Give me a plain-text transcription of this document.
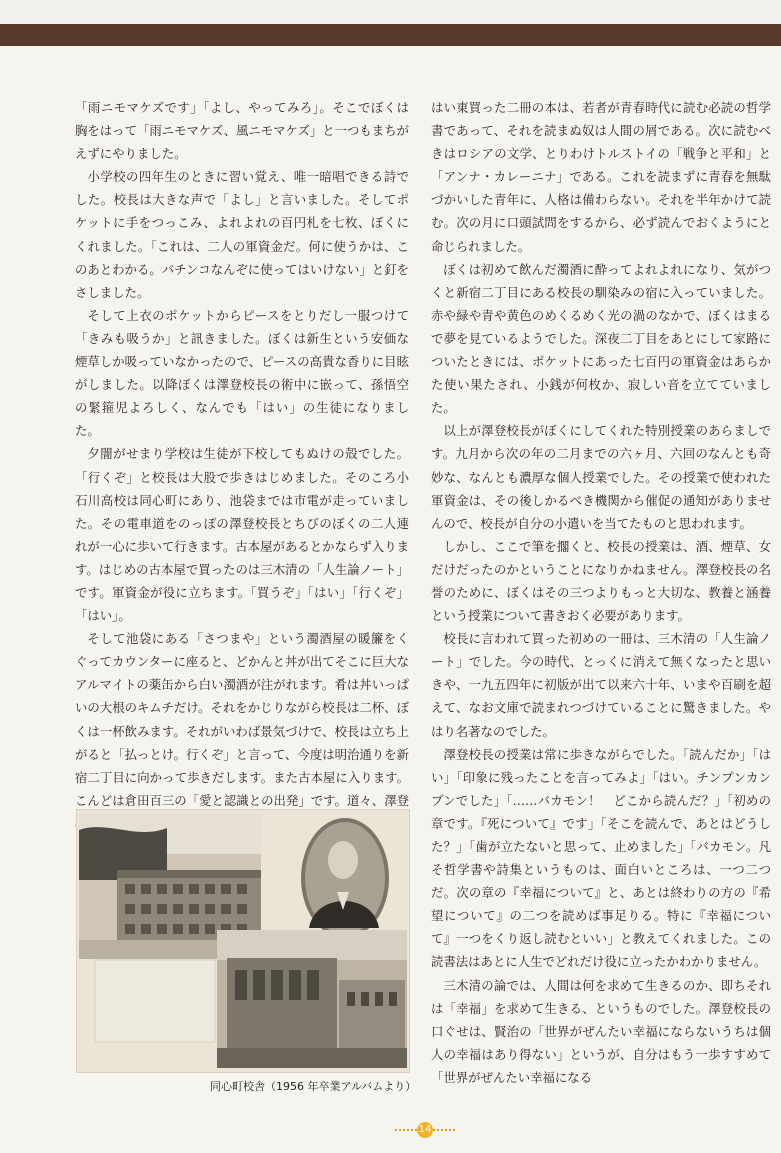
「雨ニモマケズです」「よし、やってみろ」。そこでぼくは胸をはって「雨ニモマケズ、風ニモマケズ」と一つもまちがえずにやりました。

小学校の四年生のときに習い覚え、唯一暗唱できる詩でした。校長は大きな声で「よし」と言いました。そしてポケットに手をつっこみ、よれよれの百円札を七枚、ぼくにくれました。「これは、二人の軍資金だ。何に使うかは、このあとわかる。パチンコなんぞに使ってはいけない」と釘をさしました。

そして上衣のポケットからピースをとりだし一服つけて「きみも吸うか」と訊きました。ぼくは新生という安価な煙草しか吸っていなかったので、ピースの高貴な香りに目眩がしました。以降ぼくは澤登校長の術中に嵌って、孫悟空の緊箍児よろしく、なんでも「はい」の生徒になりました。

夕闇がせまり学校は生徒が下校してもぬけの殻でした。「行くぞ」と校長は大股で歩きはじめました。そのころ小石川高校は同心町にあり、池袋までは市電が走っていました。その電車道をのっぽの澤登校長とちびのぼくの二人連れが一心に歩いて行きます。古本屋があるとかならず入ります。はじめの古本屋で買ったのは三木清の「人生論ノート」です。軍資金が役に立ちます。「買うぞ」「はい」「行くぞ」「はい」。

そして池袋にある「さつまや」という濁酒屋の暖簾をくぐってカウンターに座ると、どかんと丼が出てそこに巨大なアルマイトの薬缶から白い濁酒が注がれます。肴は丼いっぱいの大根のキムチだけ。それをかじりながら校長は二杯、ぼくは一杯飲みます。それがいわば景気づけで、校長は立ち上がると「払っとけ。行くぞ」と言って、今度は明治通りを新宿二丁目に向かって歩きだします。また古本屋に入ります。こんどは倉田百三の「愛と認識との出発」です。道々、澤登

はい東買った二冊の本は、若者が青春時代に読む必読の哲学書であって、それを読まぬ奴は人間の屑である。次に読むべきはロシアの文学、とりわけトルストイの「戦争と平和」と「アンナ・カレーニナ」である。これを読まずに青春を無駄づかいした青年に、人格は備わらない。それを半年かけて読む。次の月に口頭試問をするから、必ず読んでおくようにと命じられました。

ぼくは初めて飲んだ濁酒に酔ってよれよれになり、気がつくと新宿二丁目にある校長の馴染みの宿に入っていました。赤や緑や青や黄色のめくるめく光の渦のなかで、ぼくはまるで夢を見ているようでした。深夜二丁目をあとにして家路についたときには、ポケットにあった七百円の軍資金はあらかた使い果たされ、小銭が何枚か、寂しい音を立てていました。

以上が澤登校長がぼくにしてくれた特別授業のあらましです。九月から次の年の二月までの六ヶ月、六回のなんとも奇妙な、なんとも濃厚な個人授業でした。その授業で使われた軍資金は、その後しかるべき機関から催促の通知がありませんので、校長が自分の小遣いを当てたものと思われます。

しかし、ここで筆を擱くと、校長の授業は、酒、煙草、女だけだったのかということになりかねません。澤登校長の名誉のために、ぼくはその三つよりもっと大切な、教養と涵養という授業について書きおく必要があります。

校長に言われて買った初めの一冊は、三木清の「人生論ノート」でした。今の時代、とっくに消えて無くなったと思いきや、一九五四年に初版が出て以来六十年、いまや百刷を超えて、なお文庫で読まれつづけていることに驚きました。やはり名著なのでした。

澤登校長の授業は常に歩きながらでした。「読んだか」「はい」「印象に残ったことを言ってみよ」「はい。チンプンカンプンでした」「……バカモン！　どこから読んだ？」「初めの章です。『死について』です」「そこを読んで、あとはどうした？」「歯が立たないと思って、止めました」「バカモン。凡そ哲学書や詩集というものは、面白いところは、一つ二つだ。次の章の『幸福について』と、あとは終わりの方の『希望について』の二つを読めば事足りる。特に『幸福について』一つをくり返し読むといい」と教えてくれました。この読書法はあとに人生でどれだけ役に立ったかわかりません。

三木清の論では、人間は何を求めて生きるのか、即ちそれは「幸福」を求めて生きる、というものでした。澤登校長の口ぐせは、賢治の「世界がぜんたい幸福にならないうちは個人の幸福はあり得ない」というが、自分はもう一歩すすめて「世界がぜんたい幸福になる

同心町校舎（1956 年卒業アルバムより）
14
